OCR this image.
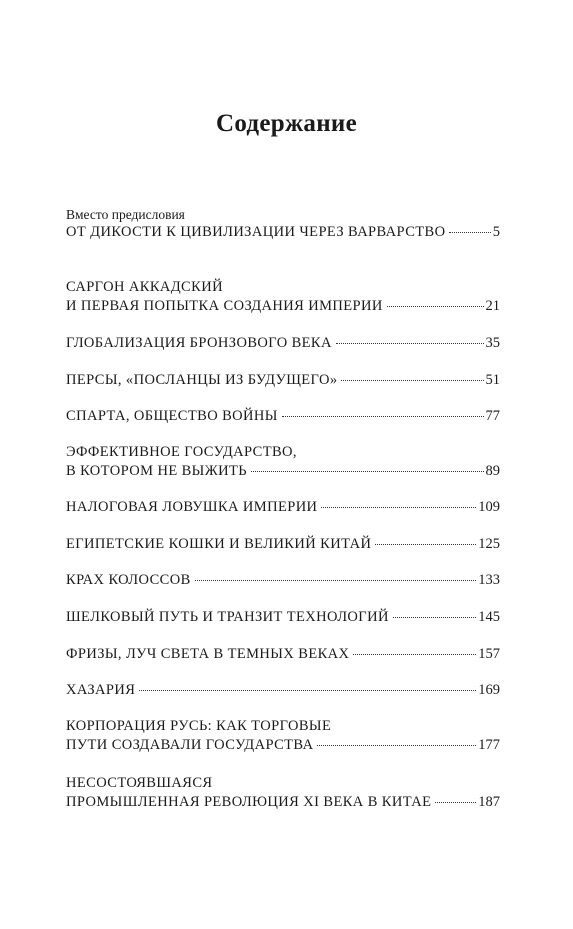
Содержание
Вместо предисловия
ОТ ДИКОСТИ К ЦИВИЛИЗАЦИИ ЧЕРЕЗ ВАРВАРСТВО	5
САРГОН АККАДСКИЙ
И ПЕРВАЯ ПОПЫТКА СОЗДАНИЯ ИМПЕРИИ	21
ГЛОБАЛИЗАЦИЯ БРОНЗОВОГО ВЕКА	35
ПЕРСЫ, «ПОСЛАНЦЫ ИЗ БУДУЩЕГО»	51
СПАРТА, ОБЩЕСТВО ВОЙНЫ	77
ЭФФЕКТИВНОЕ ГОСУДАРСТВО,
В КОТОРОМ НЕ ВЫЖИТЬ	89
НАЛОГОВАЯ ЛОВУШКА ИМПЕРИИ	109
ЕГИПЕТСКИЕ КОШКИ И ВЕЛИКИЙ КИТАЙ	125
КРАХ КОЛОССОВ	133
ШЕЛКОВЫЙ ПУТЬ И ТРАНЗИТ ТЕХНОЛОГИЙ	145
ФРИЗЫ, ЛУЧ СВЕТА В ТЕМНЫХ ВЕКАХ	157
ХАЗАРИЯ	169
КОРПОРАЦИЯ РУСЬ: КАК ТОРГОВЫЕ
ПУТИ СОЗДАВАЛИ ГОСУДАРСТВА	177
НЕСОСТОЯВШАЯСЯ
ПРОМЫШЛЕННАЯ РЕВОЛЮЦИЯ XI ВЕКА В КИТАЕ	187
